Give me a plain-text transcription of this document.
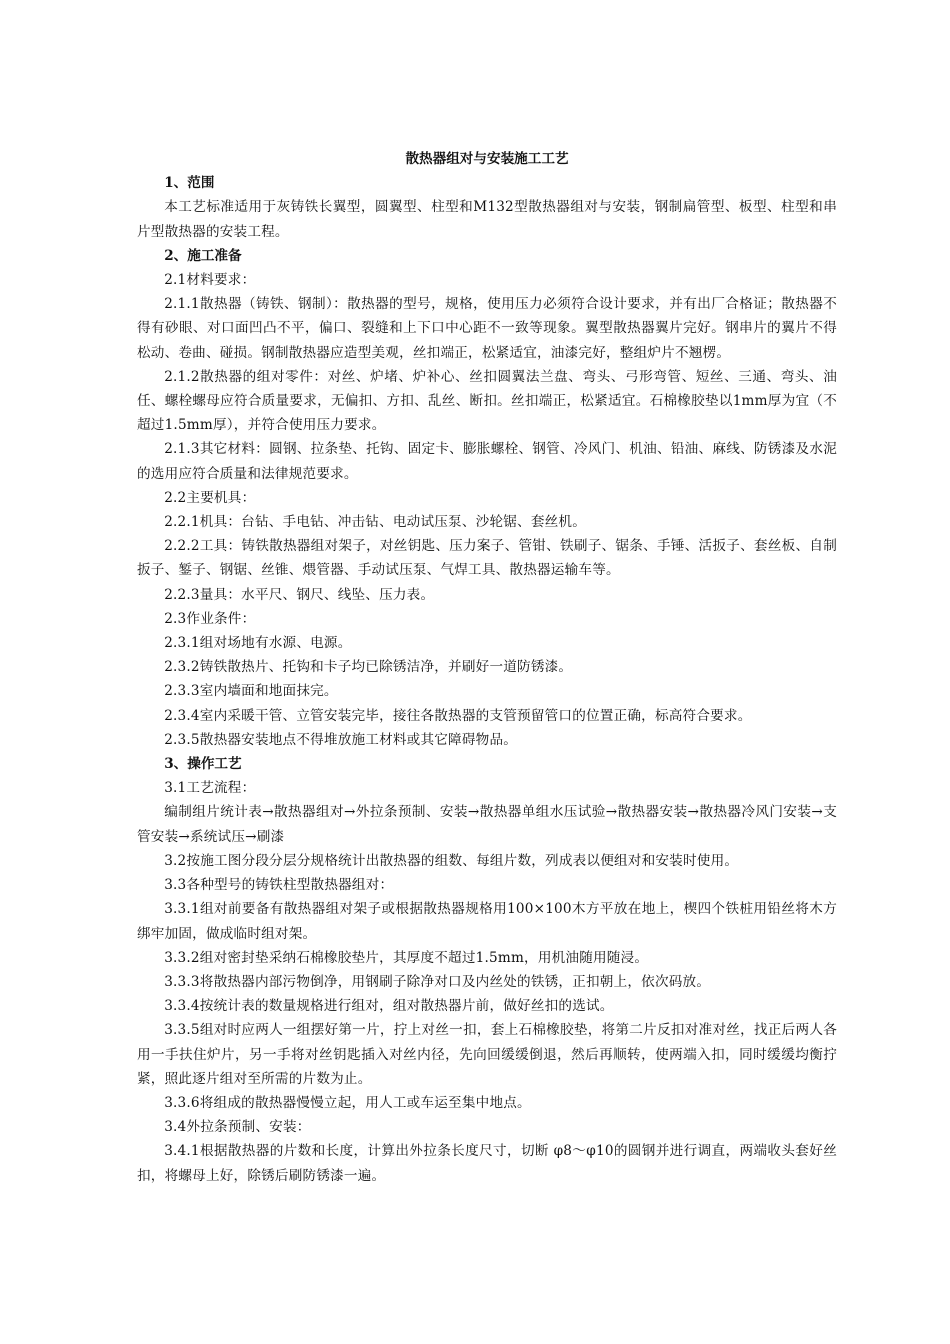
散热器组对与安装施工工艺

1、范围

本工艺标准适用于灰铸铁长翼型，圆翼型、柱型和M132型散热器组对与安装，钢制扁管型、板型、柱型和串片型散热器的安装工程。

2、施工准备

2.1材料要求：

2.1.1散热器（铸铁、钢制）：散热器的型号，规格，使用压力必须符合设计要求，并有出厂合格证；散热器不得有砂眼、对口面凹凸不平，偏口、裂缝和上下口中心距不一致等现象。翼型散热器翼片完好。钢串片的翼片不得松动、卷曲、碰损。钢制散热器应造型美观，丝扣端正，松紧适宜，油漆完好，整组炉片不翘楞。

2.1.2散热器的组对零件：对丝、炉堵、炉补心、丝扣圆翼法兰盘、弯头、弓形弯管、短丝、三通、弯头、油任、螺栓螺母应符合质量要求，无偏扣、方扣、乱丝、断扣。丝扣端正，松紧适宜。石棉橡胶垫以1mm厚为宜（不超过1.5mm厚），并符合使用压力要求。

2.1.3其它材料：圆钢、拉条垫、托钩、固定卡、膨胀螺栓、钢管、冷风门、机油、铅油、麻线、防锈漆及水泥的选用应符合质量和法律规范要求。

2.2主要机具：

2.2.1机具：台钻、手电钻、冲击钻、电动试压泵、沙轮锯、套丝机。

2.2.2工具：铸铁散热器组对架子，对丝钥匙、压力案子、管钳、铁刷子、锯条、手锤、活扳子、套丝板、自制扳子、錾子、钢锯、丝锥、煨管器、手动试压泵、气焊工具、散热器运输车等。

2.2.3量具：水平尺、钢尺、线坠、压力表。

2.3作业条件：

2.3.1组对场地有水源、电源。

2.3.2铸铁散热片、托钩和卡子均已除锈洁净，并刷好一道防锈漆。

2.3.3室内墙面和地面抹完。

2.3.4室内采暖干管、立管安装完毕，接往各散热器的支管预留管口的位置正确，标高符合要求。

2.3.5散热器安装地点不得堆放施工材料或其它障碍物品。

3、操作工艺

3.1工艺流程：

编制组片统计表→散热器组对→外拉条预制、安装→散热器单组水压试验→散热器安装→散热器冷风门安装→支管安装→系统试压→刷漆

3.2按施工图分段分层分规格统计出散热器的组数、每组片数，列成表以便组对和安装时使用。

3.3各种型号的铸铁柱型散热器组对：

3.3.1组对前要备有散热器组对架子或根据散热器规格用100×100木方平放在地上，楔四个铁桩用铅丝将木方绑牢加固，做成临时组对架。

3.3.2组对密封垫采纳石棉橡胶垫片，其厚度不超过1.5mm，用机油随用随浸。

3.3.3将散热器内部污物倒净，用钢刷子除净对口及内丝处的铁锈，正扣朝上，依次码放。

3.3.4按统计表的数量规格进行组对，组对散热器片前，做好丝扣的选试。

3.3.5组对时应两人一组摆好第一片，拧上对丝一扣，套上石棉橡胶垫，将第二片反扣对准对丝，找正后两人各用一手扶住炉片，另一手将对丝钥匙插入对丝内径，先向回缓缓倒退，然后再顺转，使两端入扣，同时缓缓均衡拧紧，照此逐片组对至所需的片数为止。

3.3.6将组成的散热器慢慢立起，用人工或车运至集中地点。

3.4外拉条预制、安装：

3.4.1根据散热器的片数和长度，计算出外拉条长度尺寸，切断 φ8～φ10的圆钢并进行调直，两端收头套好丝扣，将螺母上好，除锈后刷防锈漆一遍。
